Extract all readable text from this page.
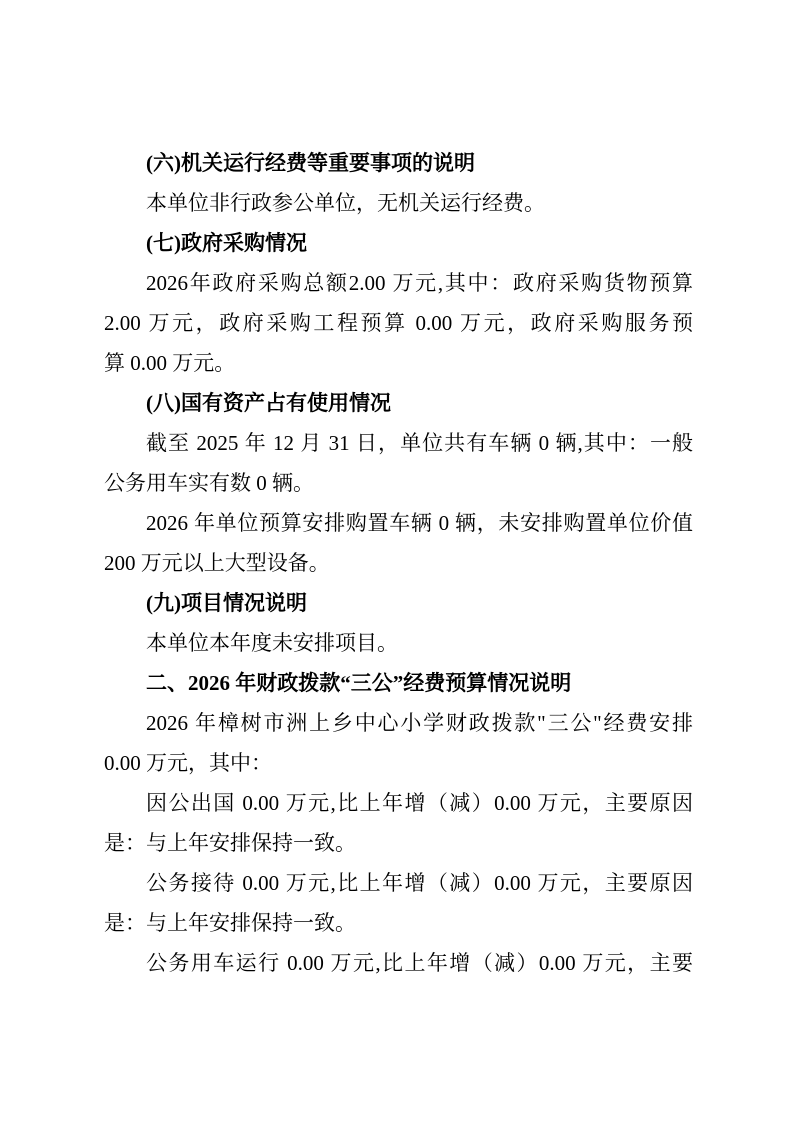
(六)机关运行经费等重要事项的说明
本单位非行政参公单位，无机关运行经费。
(七)政府采购情况
2026年政府采购总额2.00 万元,其中：政府采购货物预算
2.00 万元，政府采购工程预算 0.00 万元，政府采购服务预
算 0.00 万元。
(八)国有资产占有使用情况
截至 2025 年 12 月 31 日，单位共有车辆 0 辆,其中：一般
公务用车实有数 0 辆。
2026 年单位预算安排购置车辆 0 辆，未安排购置单位价值
200 万元以上大型设备。
(九)项目情况说明
本单位本年度未安排项目。
二、2026 年财政拨款“三公”经费预算情况说明
2026 年樟树市洲上乡中心小学财政拨款"三公"经费安排
0.00 万元，其中：
因公出国 0.00 万元,比上年增（减）0.00 万元，主要原因
是：与上年安排保持一致。
公务接待 0.00 万元,比上年增（减）0.00 万元，主要原因
是：与上年安排保持一致。
公务用车运行 0.00 万元,比上年增（减）0.00 万元，主要
